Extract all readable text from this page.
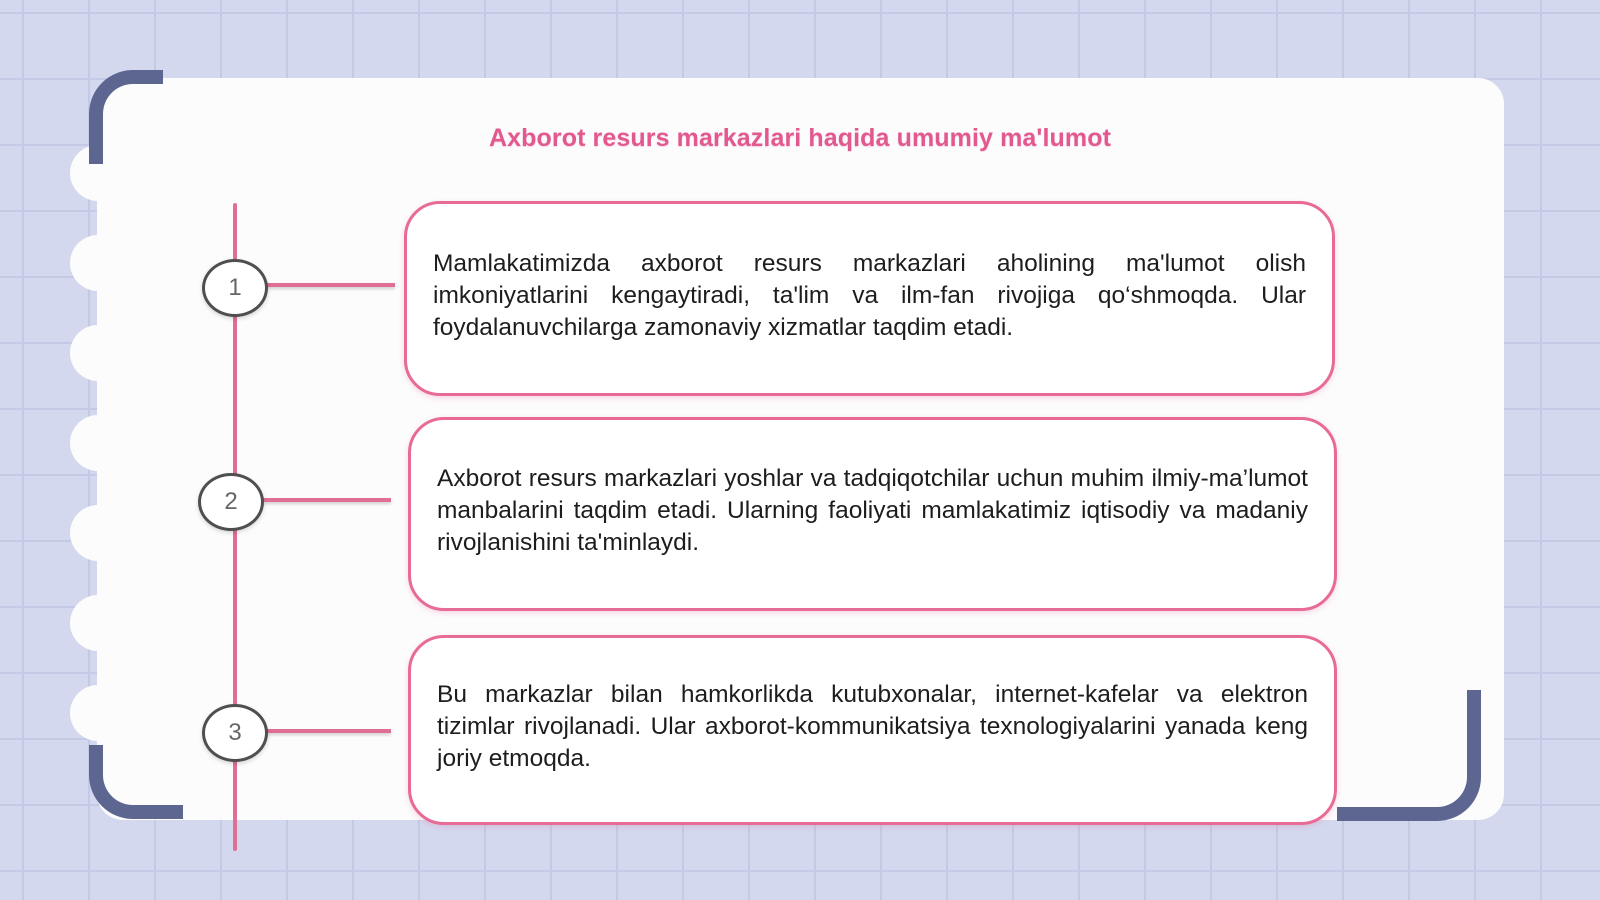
Axborot resurs markazlari haqida umumiy ma'lumot
1
2
3
Mamlakatimizda axborot resurs markazlari aholining ma'lumot olish imkoniyatlarini kengaytiradi, ta'lim va ilm-fan rivojiga qo‘shmoqda. Ular foydalanuvchilarga zamonaviy xizmatlar taqdim etadi.
Axborot resurs markazlari yoshlar va tadqiqotchilar uchun muhim ilmiy-ma’lumot manbalarini taqdim etadi. Ularning faoliyati mamlakatimiz iqtisodiy va madaniy rivojlanishini ta'minlaydi.
Bu markazlar bilan hamkorlikda kutubxonalar, internet-kafelar va elektron tizimlar rivojlanadi. Ular axborot-kommunikatsiya texnologiyalarini yanada keng joriy etmoqda.
